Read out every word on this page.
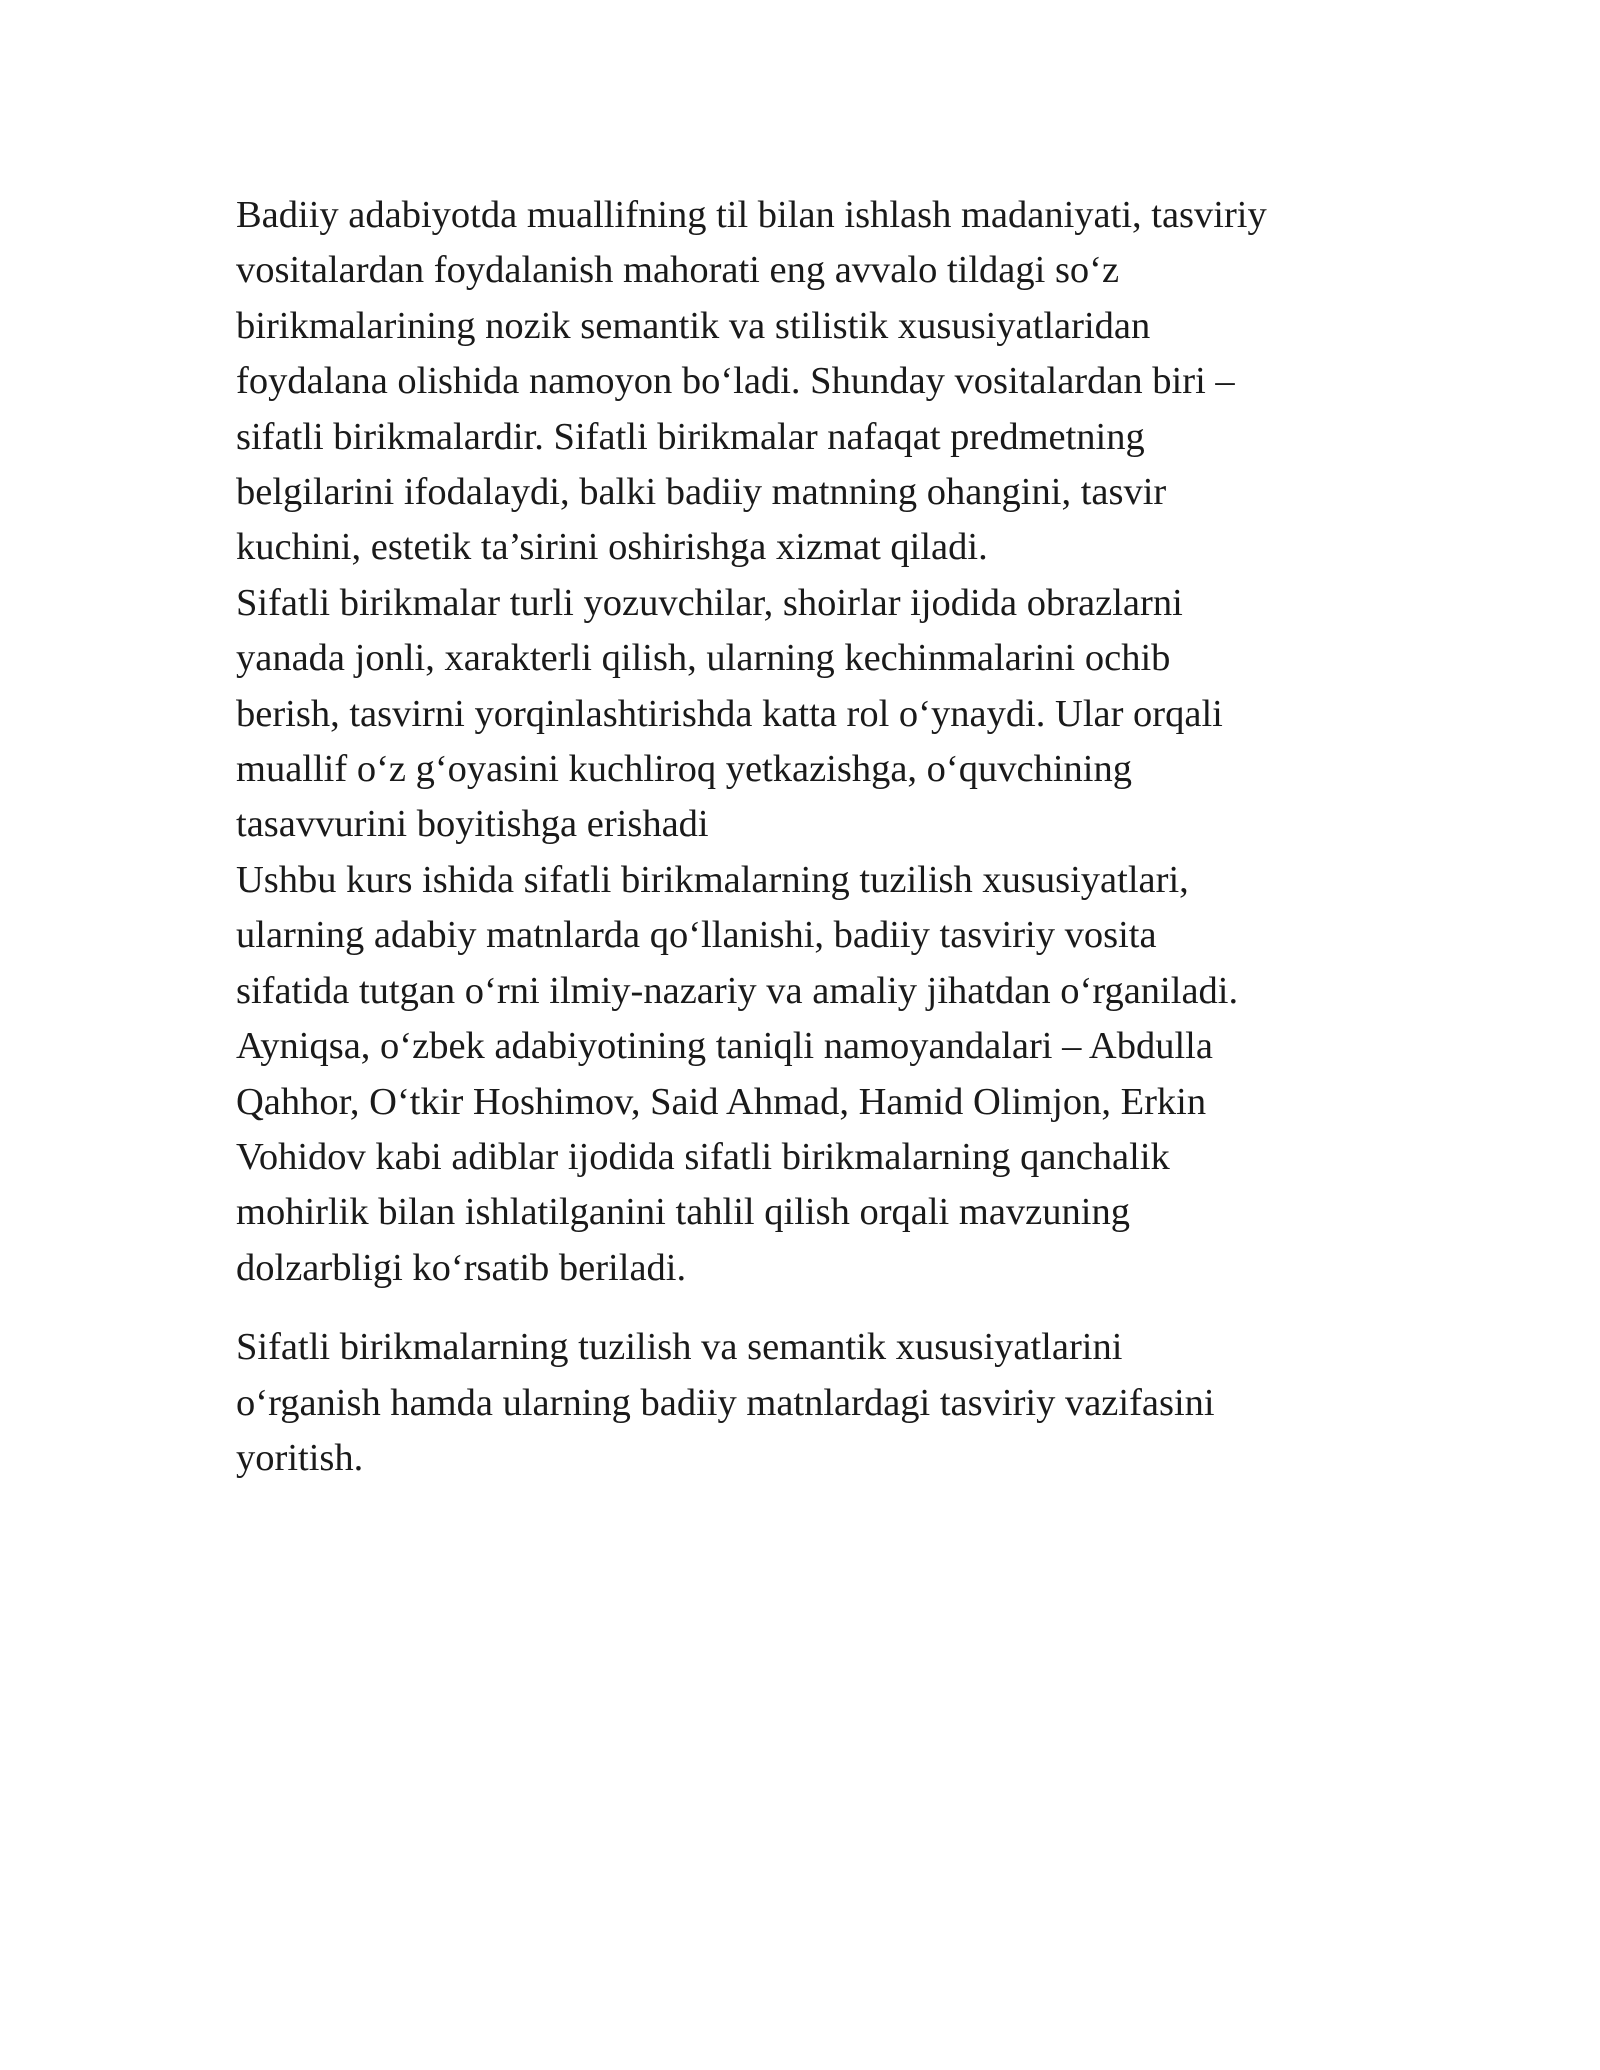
Badiiy adabiyotda muallifning til bilan ishlash madaniyati, tasviriy
vositalardan foydalanish mahorati eng avvalo tildagi so‘z
birikmalarining nozik semantik va stilistik xususiyatlaridan
foydalana olishida namoyon bo‘ladi. Shunday vositalardan biri –
sifatli birikmalardir. Sifatli birikmalar nafaqat predmetning
belgilarini ifodalaydi, balki badiiy matnning ohangini, tasvir
kuchini, estetik ta’sirini oshirishga xizmat qiladi.

Sifatli birikmalar turli yozuvchilar, shoirlar ijodida obrazlarni
yanada jonli, xarakterli qilish, ularning kechinmalarini ochib
berish, tasvirni yorqinlashtirishda katta rol o‘ynaydi. Ular orqali
muallif o‘z g‘oyasini kuchliroq yetkazishga, o‘quvchining
tasavvurini boyitishga erishadi

Ushbu kurs ishida sifatli birikmalarning tuzilish xususiyatlari,
ularning adabiy matnlarda qo‘llanishi, badiiy tasviriy vosita
sifatida tutgan o‘rni ilmiy-nazariy va amaliy jihatdan o‘rganiladi.
Ayniqsa, o‘zbek adabiyotining taniqli namoyandalari – Abdulla
Qahhor, O‘tkir Hoshimov, Said Ahmad, Hamid Olimjon, Erkin
Vohidov kabi adiblar ijodida sifatli birikmalarning qanchalik
mohirlik bilan ishlatilganini tahlil qilish orqali mavzuning
dolzarbligi ko‘rsatib beriladi.

Sifatli birikmalarning tuzilish va semantik xususiyatlarini
o‘rganish hamda ularning badiiy matnlardagi tasviriy vazifasini
yoritish.
